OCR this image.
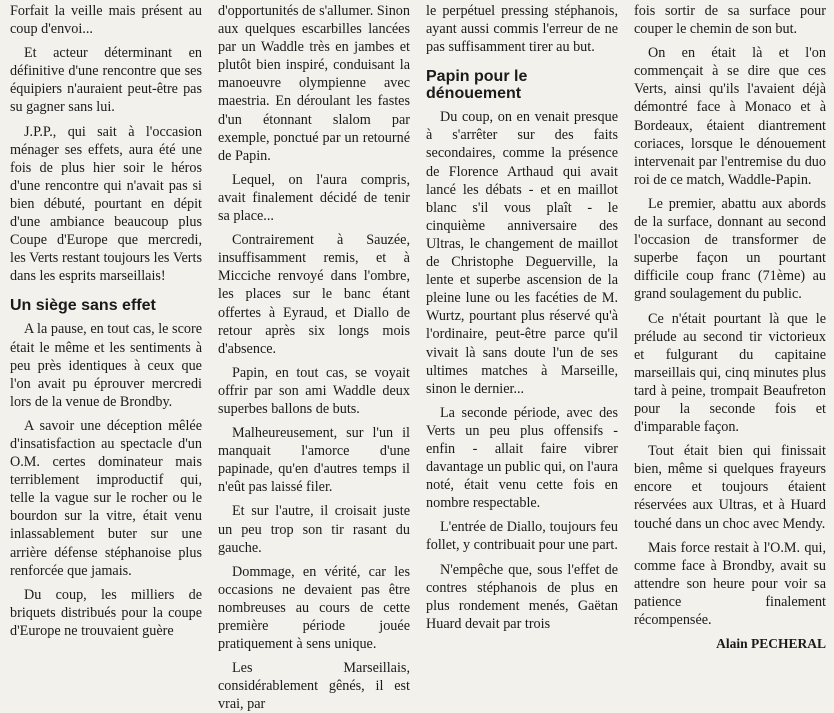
Forfait la veille mais présent au coup d'envoi...

Et acteur déterminant en définitive d'une rencontre que ses équipiers n'auraient peut-être pas su gagner sans lui.

J.P.P., qui sait à l'occasion ménager ses effets, aura été une fois de plus hier soir le héros d'une rencontre qui n'avait pas si bien débuté, pourtant en dépit d'une ambiance beaucoup plus Coupe d'Europe que mercredi, les Verts restant toujours les Verts dans les esprits marseillais!

Un siège sans effet

A la pause, en tout cas, le score était le même et les sentiments à peu près identiques à ceux que l'on avait pu éprouver mercredi lors de la venue de Brondby.

A savoir une déception mêlée d'insatisfaction au spectacle d'un O.M. certes dominateur mais terriblement improductif qui, telle la vague sur le rocher ou le bourdon sur la vitre, était venu inlassablement buter sur une arrière défense stéphanoise plus renforcée que jamais.

Du coup, les milliers de briquets distribués pour la coupe d'Europe ne trouvaient guère

d'opportunités de s'allumer. Sinon aux quelques escarbilles lancées par un Waddle très en jambes et plutôt bien inspiré, conduisant la manoeuvre olympienne avec maestria. En déroulant les fastes d'un étonnant slalom par exemple, ponctué par un retourné de Papin.

Lequel, on l'aura compris, avait finalement décidé de tenir sa place...

Contrairement à Sauzée, insuffisamment remis, et à Micciche renvoyé dans l'ombre, les places sur le banc étant offertes à Eyraud, et Diallo de retour après six longs mois d'absence.

Papin, en tout cas, se voyait offrir par son ami Waddle deux superbes ballons de buts.

Malheureusement, sur l'un il manquait l'amorce d'une papinade, qu'en d'autres temps il n'eût pas laissé filer.

Et sur l'autre, il croisait juste un peu trop son tir rasant du gauche.

Dommage, en vérité, car les occasions ne devaient pas être nombreuses au cours de cette première période jouée pratiquement à sens unique.

Les Marseillais, considérablement gênés, il est vrai, par

le perpétuel pressing stéphanois, ayant aussi commis l'erreur de ne pas suffisamment tirer au but.

Papin pour le dénouement

Du coup, on en venait presque à s'arrêter sur des faits secondaires, comme la présence de Florence Arthaud qui avait lancé les débats - et en maillot blanc s'il vous plaît - le cinquième anniversaire des Ultras, le changement de maillot de Christophe Deguerville, la lente et superbe ascension de la pleine lune ou les facéties de M. Wurtz, pourtant plus réservé qu'à l'ordinaire, peut-être parce qu'il vivait là sans doute l'un de ses ultimes matches à Marseille, sinon le dernier...

La seconde période, avec des Verts un peu plus offensifs - enfin - allait faire vibrer davantage un public qui, on l'aura noté, était venu cette fois en nombre respectable.

L'entrée de Diallo, toujours feu follet, y contribuait pour une part.

N'empêche que, sous l'effet de contres stéphanois de plus en plus rondement menés, Gaëtan Huard devait par trois

fois sortir de sa surface pour couper le chemin de son but.

On en était là et l'on commençait à se dire que ces Verts, ainsi qu'ils l'avaient déjà démontré face à Monaco et à Bordeaux, étaient diantrement coriaces, lorsque le dénouement intervenait par l'entremise du duo roi de ce match, Waddle-Papin.

Le premier, abattu aux abords de la surface, donnant au second l'occasion de transformer de superbe façon un pourtant difficile coup franc (71ème) au grand soulagement du public.

Ce n'était pourtant là que le prélude au second tir victorieux et fulgurant du capitaine marseillais qui, cinq minutes plus tard à peine, trompait Beaufreton pour la seconde fois et d'imparable façon.

Tout était bien qui finissait bien, même si quelques frayeurs encore et toujours étaient réservées aux Ultras, et à Huard touché dans un choc avec Mendy.

Mais force restait à l'O.M. qui, comme face à Brondby, avait su attendre son heure pour voir sa patience finalement récompensée.

Alain PECHERAL
